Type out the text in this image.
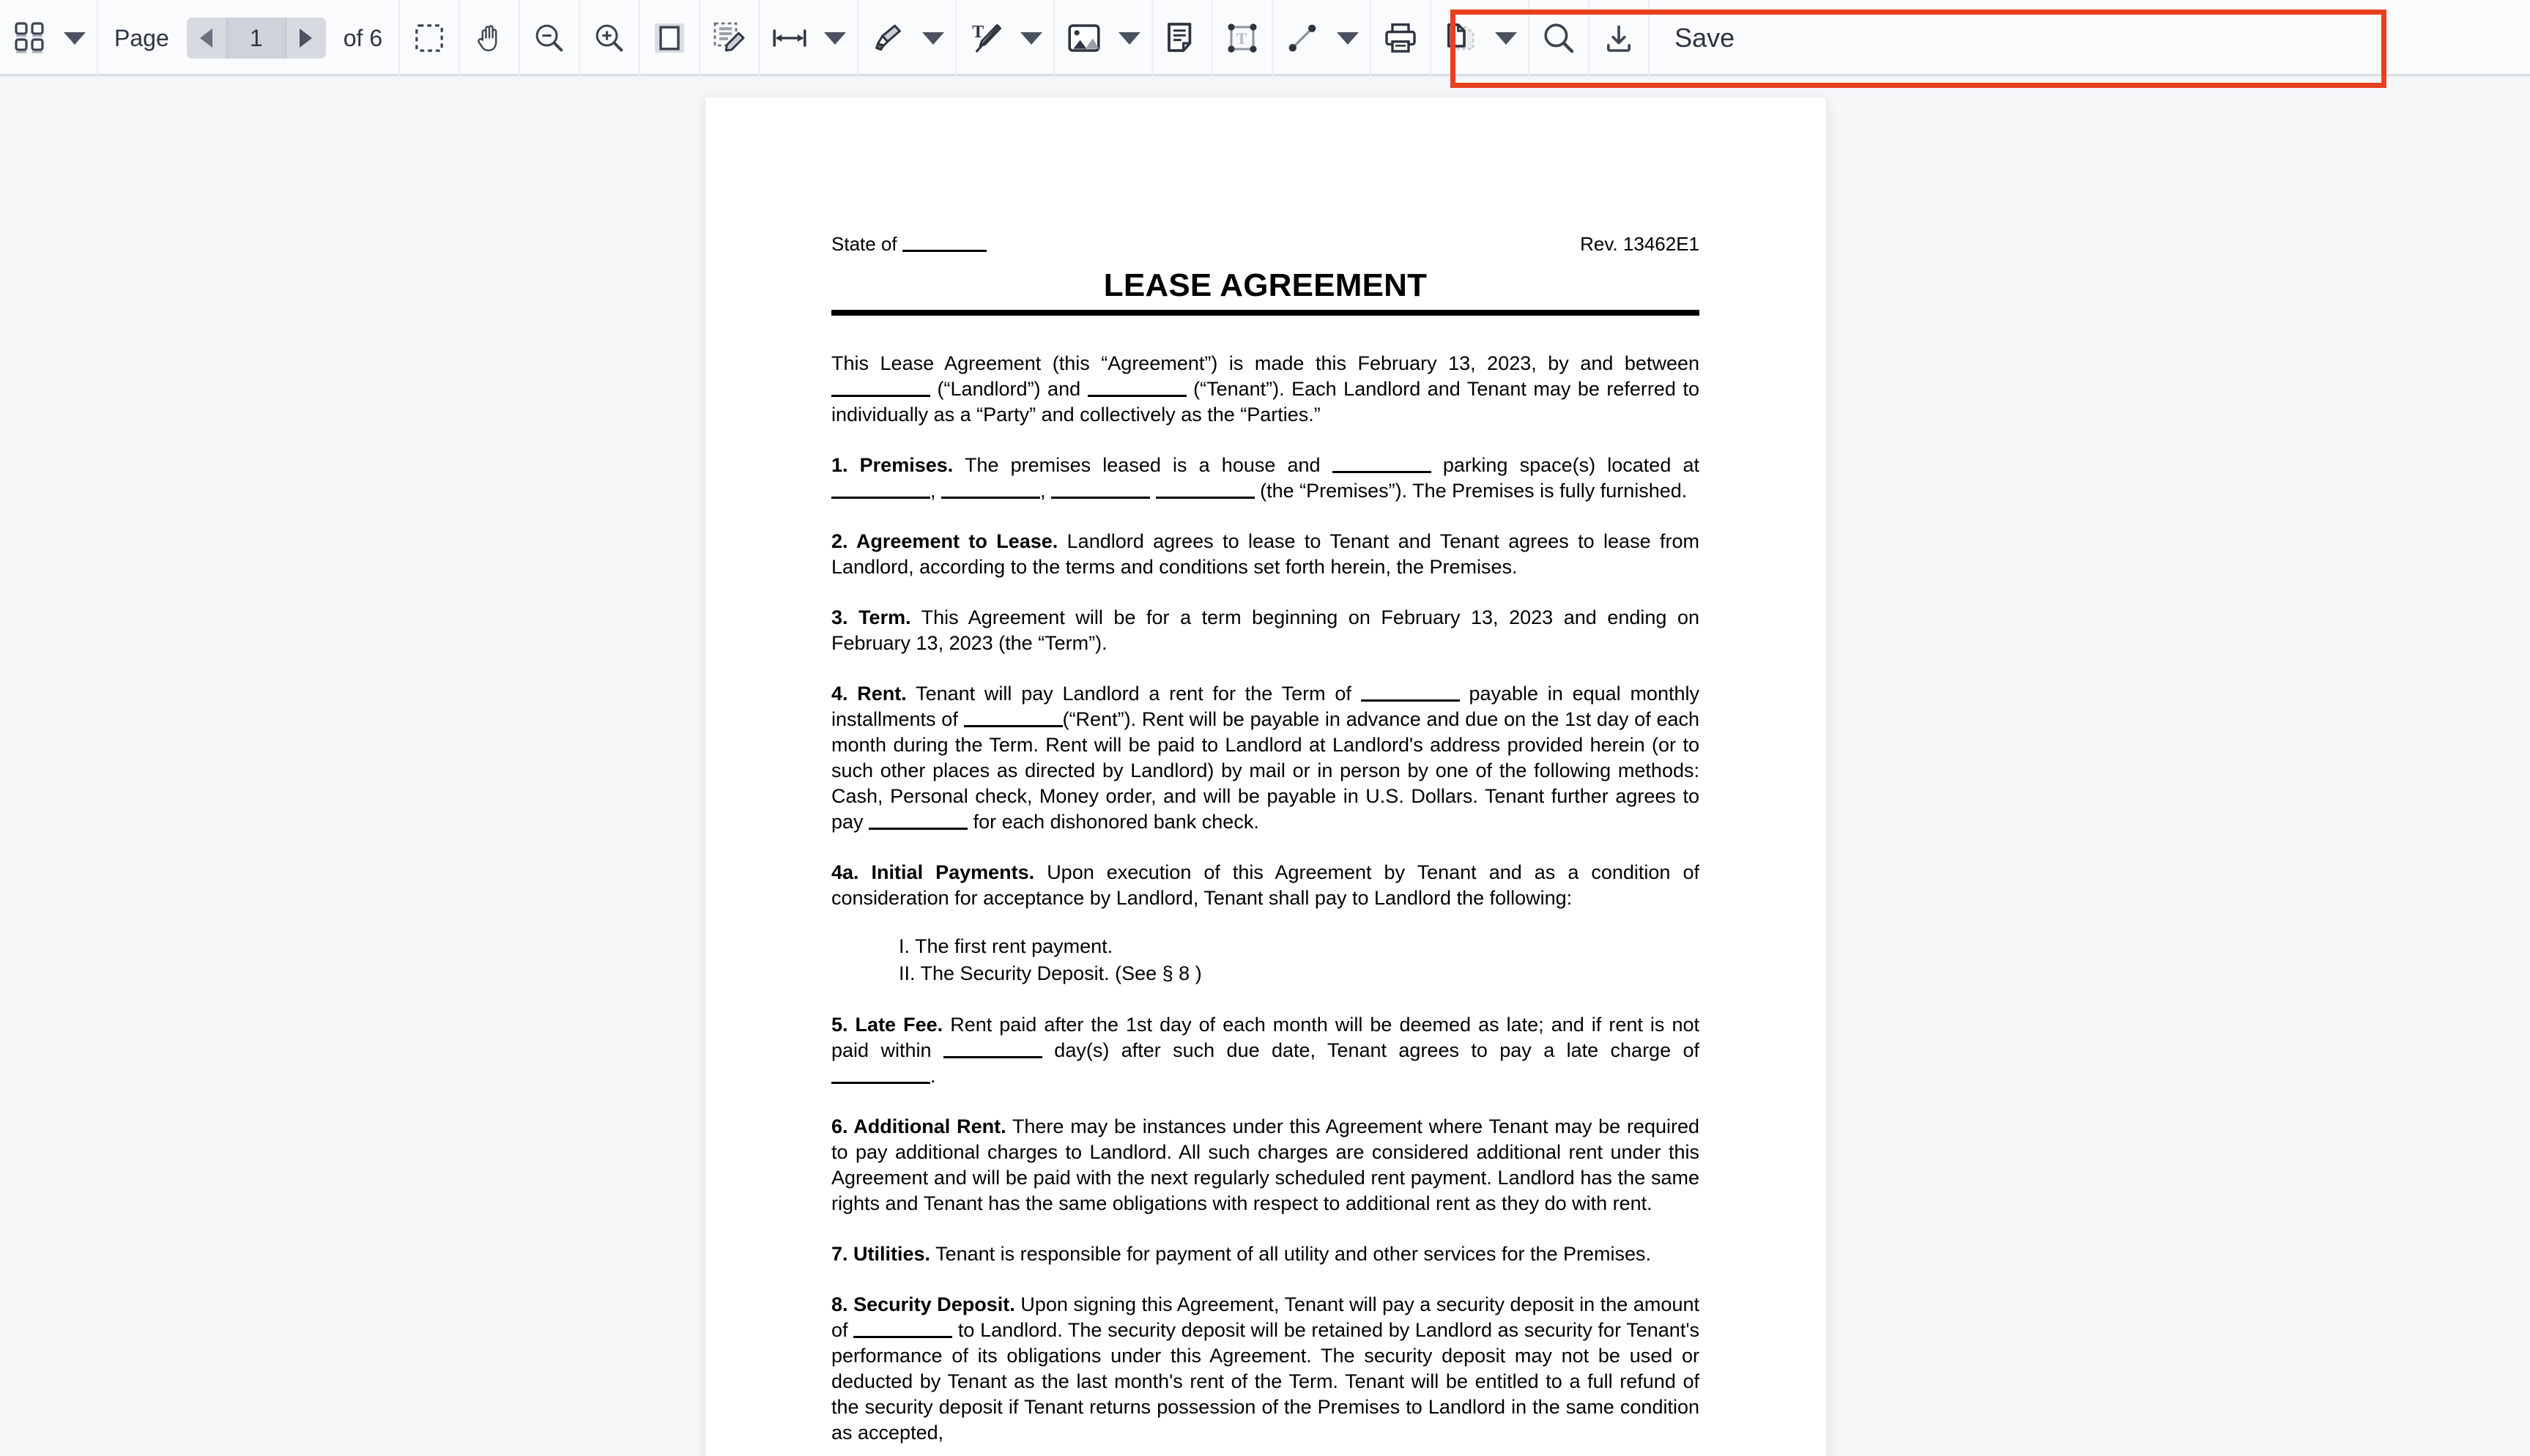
Page	1	of 6	T	T	Save
State of	Rev. 13462E1
LEASE AGREEMENT

This Lease Agreement (this “Agreement”) is made this February 13, 2023, by and between  (“Landlord”) and	(“Tenant”). Each Landlord and Tenant may be referred to individually as a “Party” and collectively as the “Parties.”

1. Premises. The premises leased is a house and	parking space(s) located at ,	,	(the “Premises”). The Premises is fully furnished.

2. Agreement to Lease. Landlord agrees to lease to Tenant and Tenant agrees to lease from Landlord, according to the terms and conditions set forth herein, the Premises.

3. Term. This Agreement will be for a term beginning on February 13, 2023 and ending on February 13, 2023 (the “Term”).

4. Rent. Tenant will pay Landlord a rent for the Term of	payable in equal monthly installments of	(“Rent”). Rent will be payable in advance and due on the 1st day of each month during the Term. Rent will be paid to Landlord at Landlord's address provided herein (or to such other places as directed by Landlord) by mail or in person by one of the following methods: Cash, Personal check, Money order, and will be payable in U.S. Dollars. Tenant further agrees to pay	for each dishonored bank check.

4a. Initial Payments. Upon execution of this Agreement by Tenant and as a condition of consideration for acceptance by Landlord, Tenant shall pay to Landlord the following:

I. The first rent payment.
II. The Security Deposit. (See § 8 )

5. Late Fee. Rent paid after the 1st day of each month will be deemed as late; and if rent is not paid within	day(s) after such due date, Tenant agrees to pay a late charge of .

6. Additional Rent. There may be instances under this Agreement where Tenant may be required to pay additional charges to Landlord. All such charges are considered additional rent under this Agreement and will be paid with the next regularly scheduled rent payment. Landlord has the same rights and Tenant has the same obligations with respect to additional rent as they do with rent.

7. Utilities. Tenant is responsible for payment of all utility and other services for the Premises.

8. Security Deposit. Upon signing this Agreement, Tenant will pay a security deposit in the amount of	to Landlord. The security deposit will be retained by Landlord as security for Tenant's performance of its obligations under this Agreement. The security deposit may not be used or deducted by Tenant as the last month's rent of the Term. Tenant will be entitled to a full refund of the security deposit if Tenant returns possession of the Premises to Landlord in the same condition as accepted,
